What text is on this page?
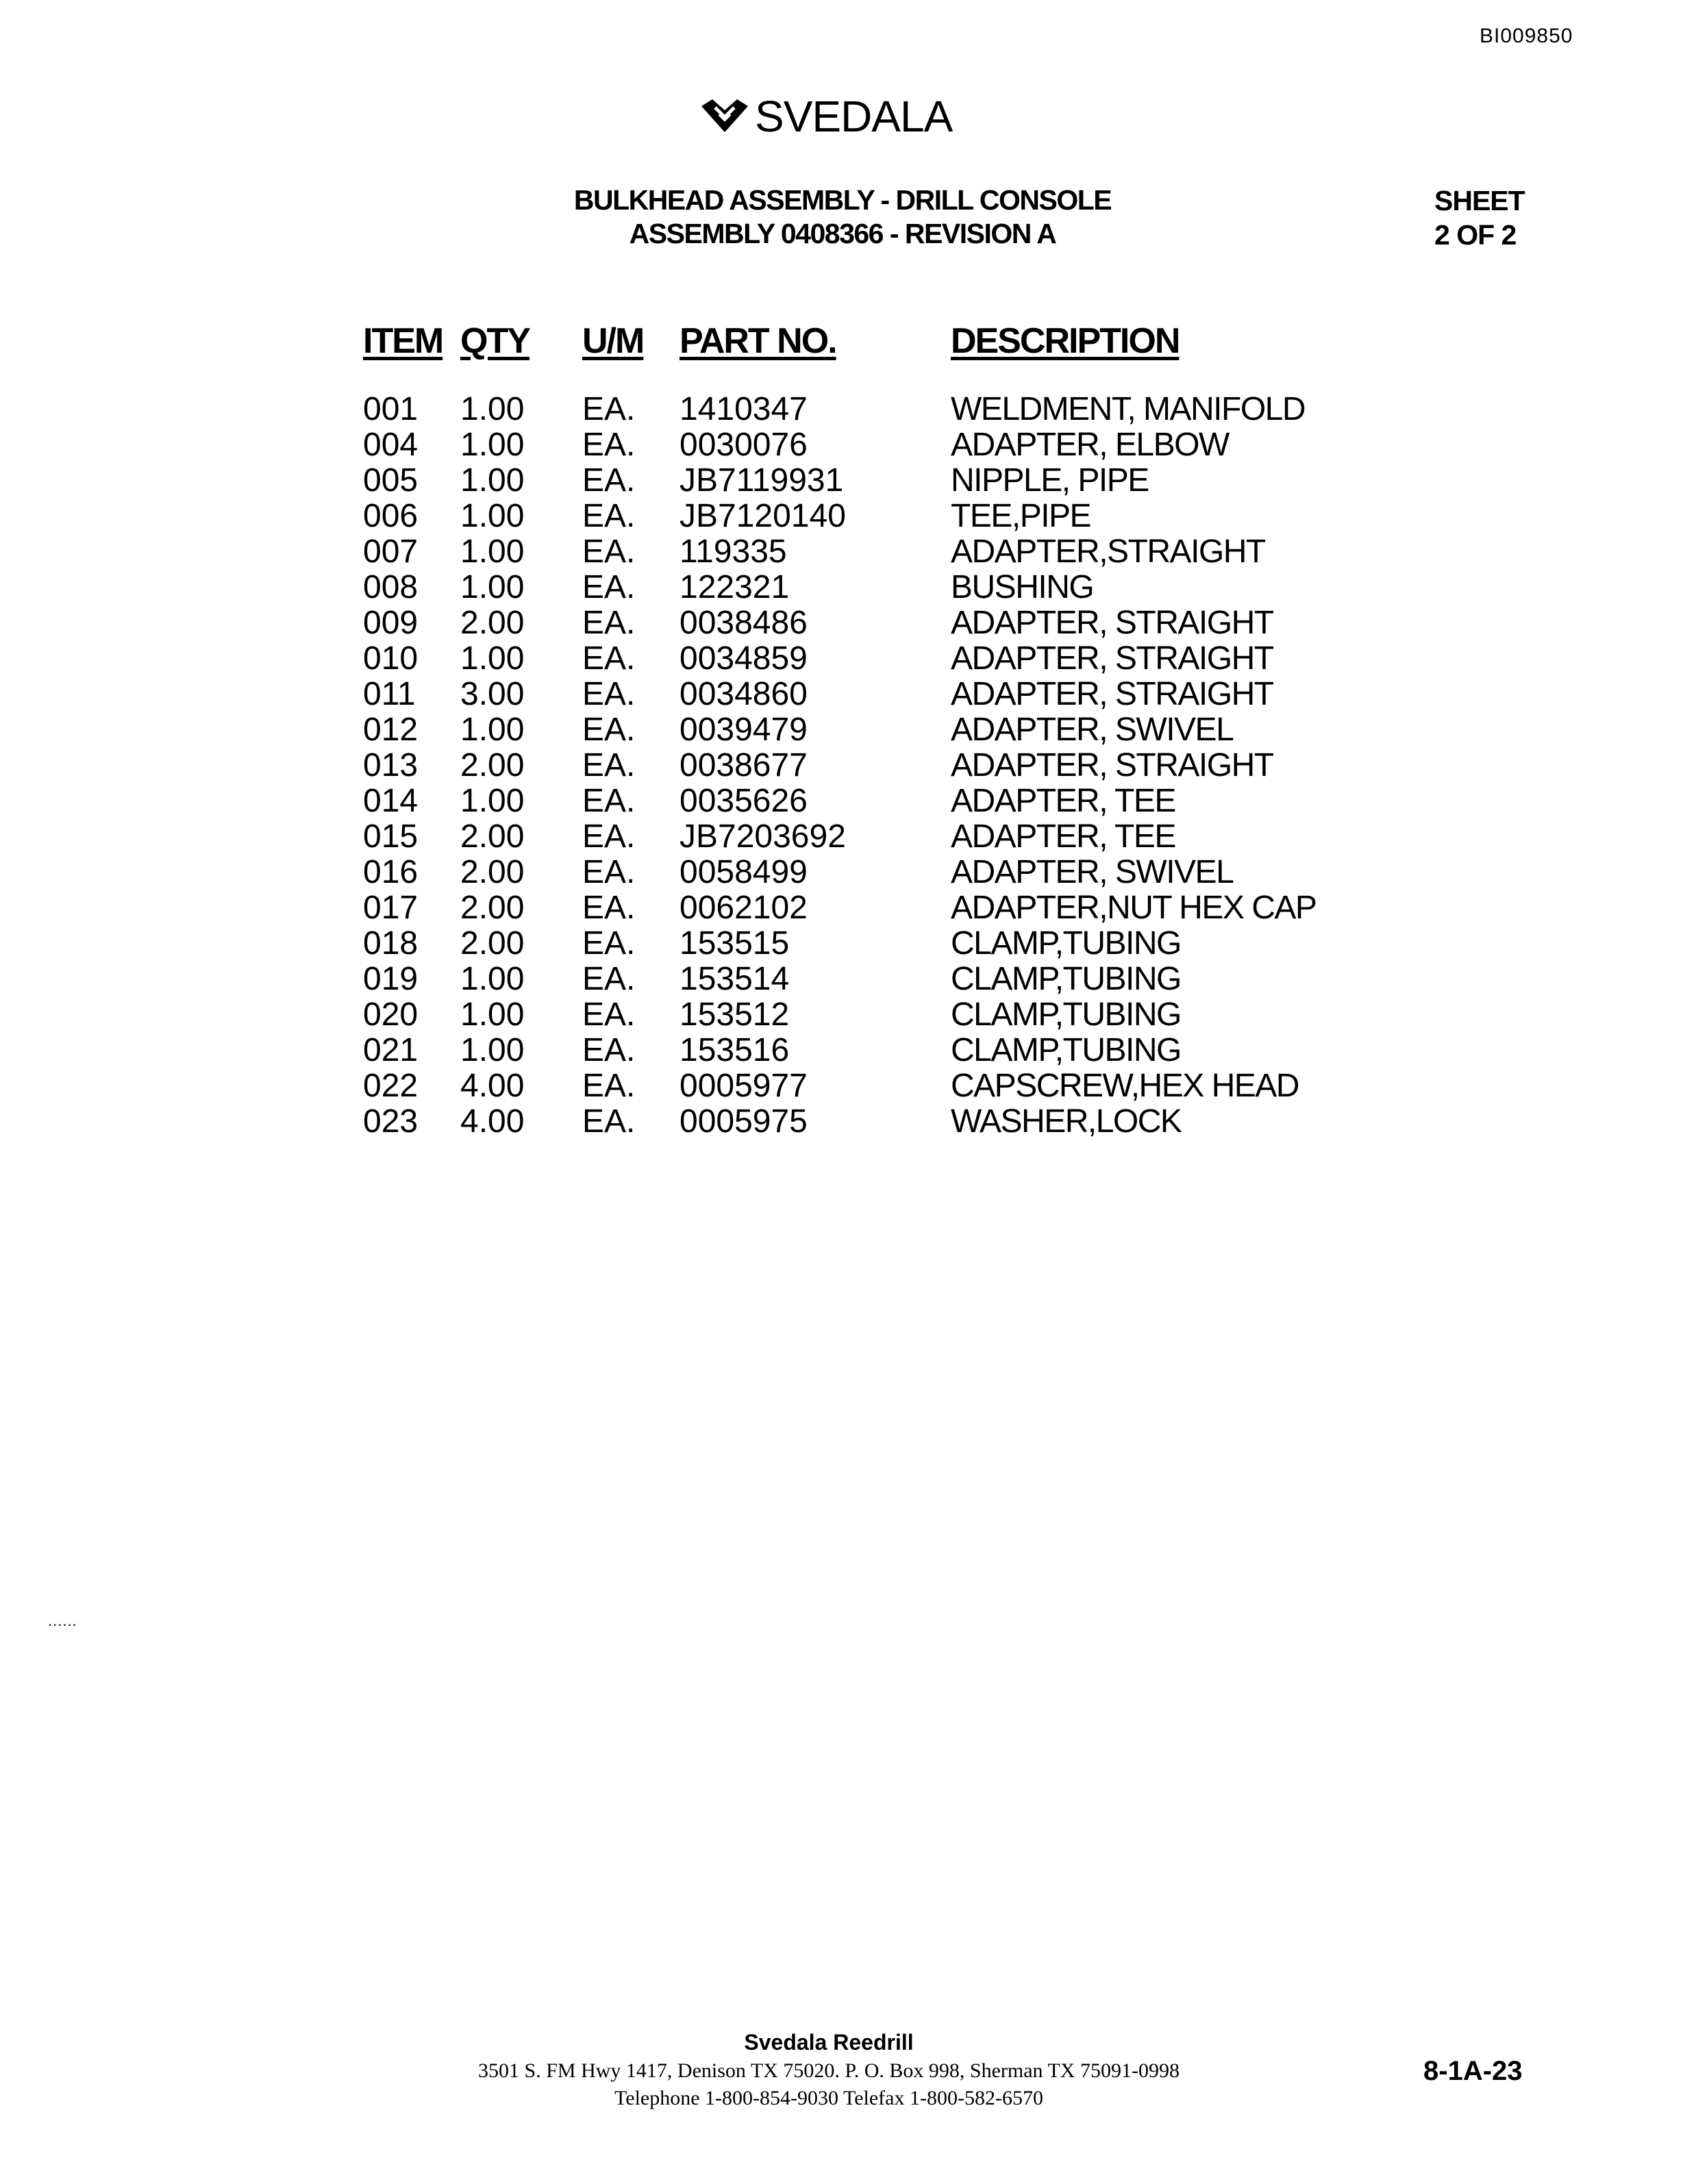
BI009850
SVEDALA
BULKHEAD ASSEMBLY - DRILL CONSOLE
ASSEMBLY 0408366 - REVISION A
SHEET
2 OF 2
ITEM	QTY	U/M	PART NO.	DESCRIPTION
001	1.00	EA.	1410347	WELDMENT, MANIFOLD
004	1.00	EA.	0030076	ADAPTER, ELBOW
005	1.00	EA.	JB7119931	NIPPLE, PIPE
006	1.00	EA.	JB7120140	TEE,PIPE
007	1.00	EA.	119335	ADAPTER,STRAIGHT
008	1.00	EA.	122321	BUSHING
009	2.00	EA.	0038486	ADAPTER, STRAIGHT
010	1.00	EA.	0034859	ADAPTER, STRAIGHT
011	3.00	EA.	0034860	ADAPTER, STRAIGHT
012	1.00	EA.	0039479	ADAPTER, SWIVEL
013	2.00	EA.	0038677	ADAPTER, STRAIGHT
014	1.00	EA.	0035626	ADAPTER, TEE
015	2.00	EA.	JB7203692	ADAPTER, TEE
016	2.00	EA.	0058499	ADAPTER, SWIVEL
017	2.00	EA.	0062102	ADAPTER,NUT HEX CAP
018	2.00	EA.	153515	CLAMP,TUBING
019	1.00	EA.	153514	CLAMP,TUBING
020	1.00	EA.	153512	CLAMP,TUBING
021	1.00	EA.	153516	CLAMP,TUBING
022	4.00	EA.	0005977	CAPSCREW,HEX HEAD
023	4.00	EA.	0005975	WASHER,LOCK
......
Svedala Reedrill
3501 S. FM Hwy 1417, Denison TX 75020. P. O. Box 998, Sherman TX 75091-0998
Telephone 1-800-854-9030 Telefax 1-800-582-6570
8-1A-23
